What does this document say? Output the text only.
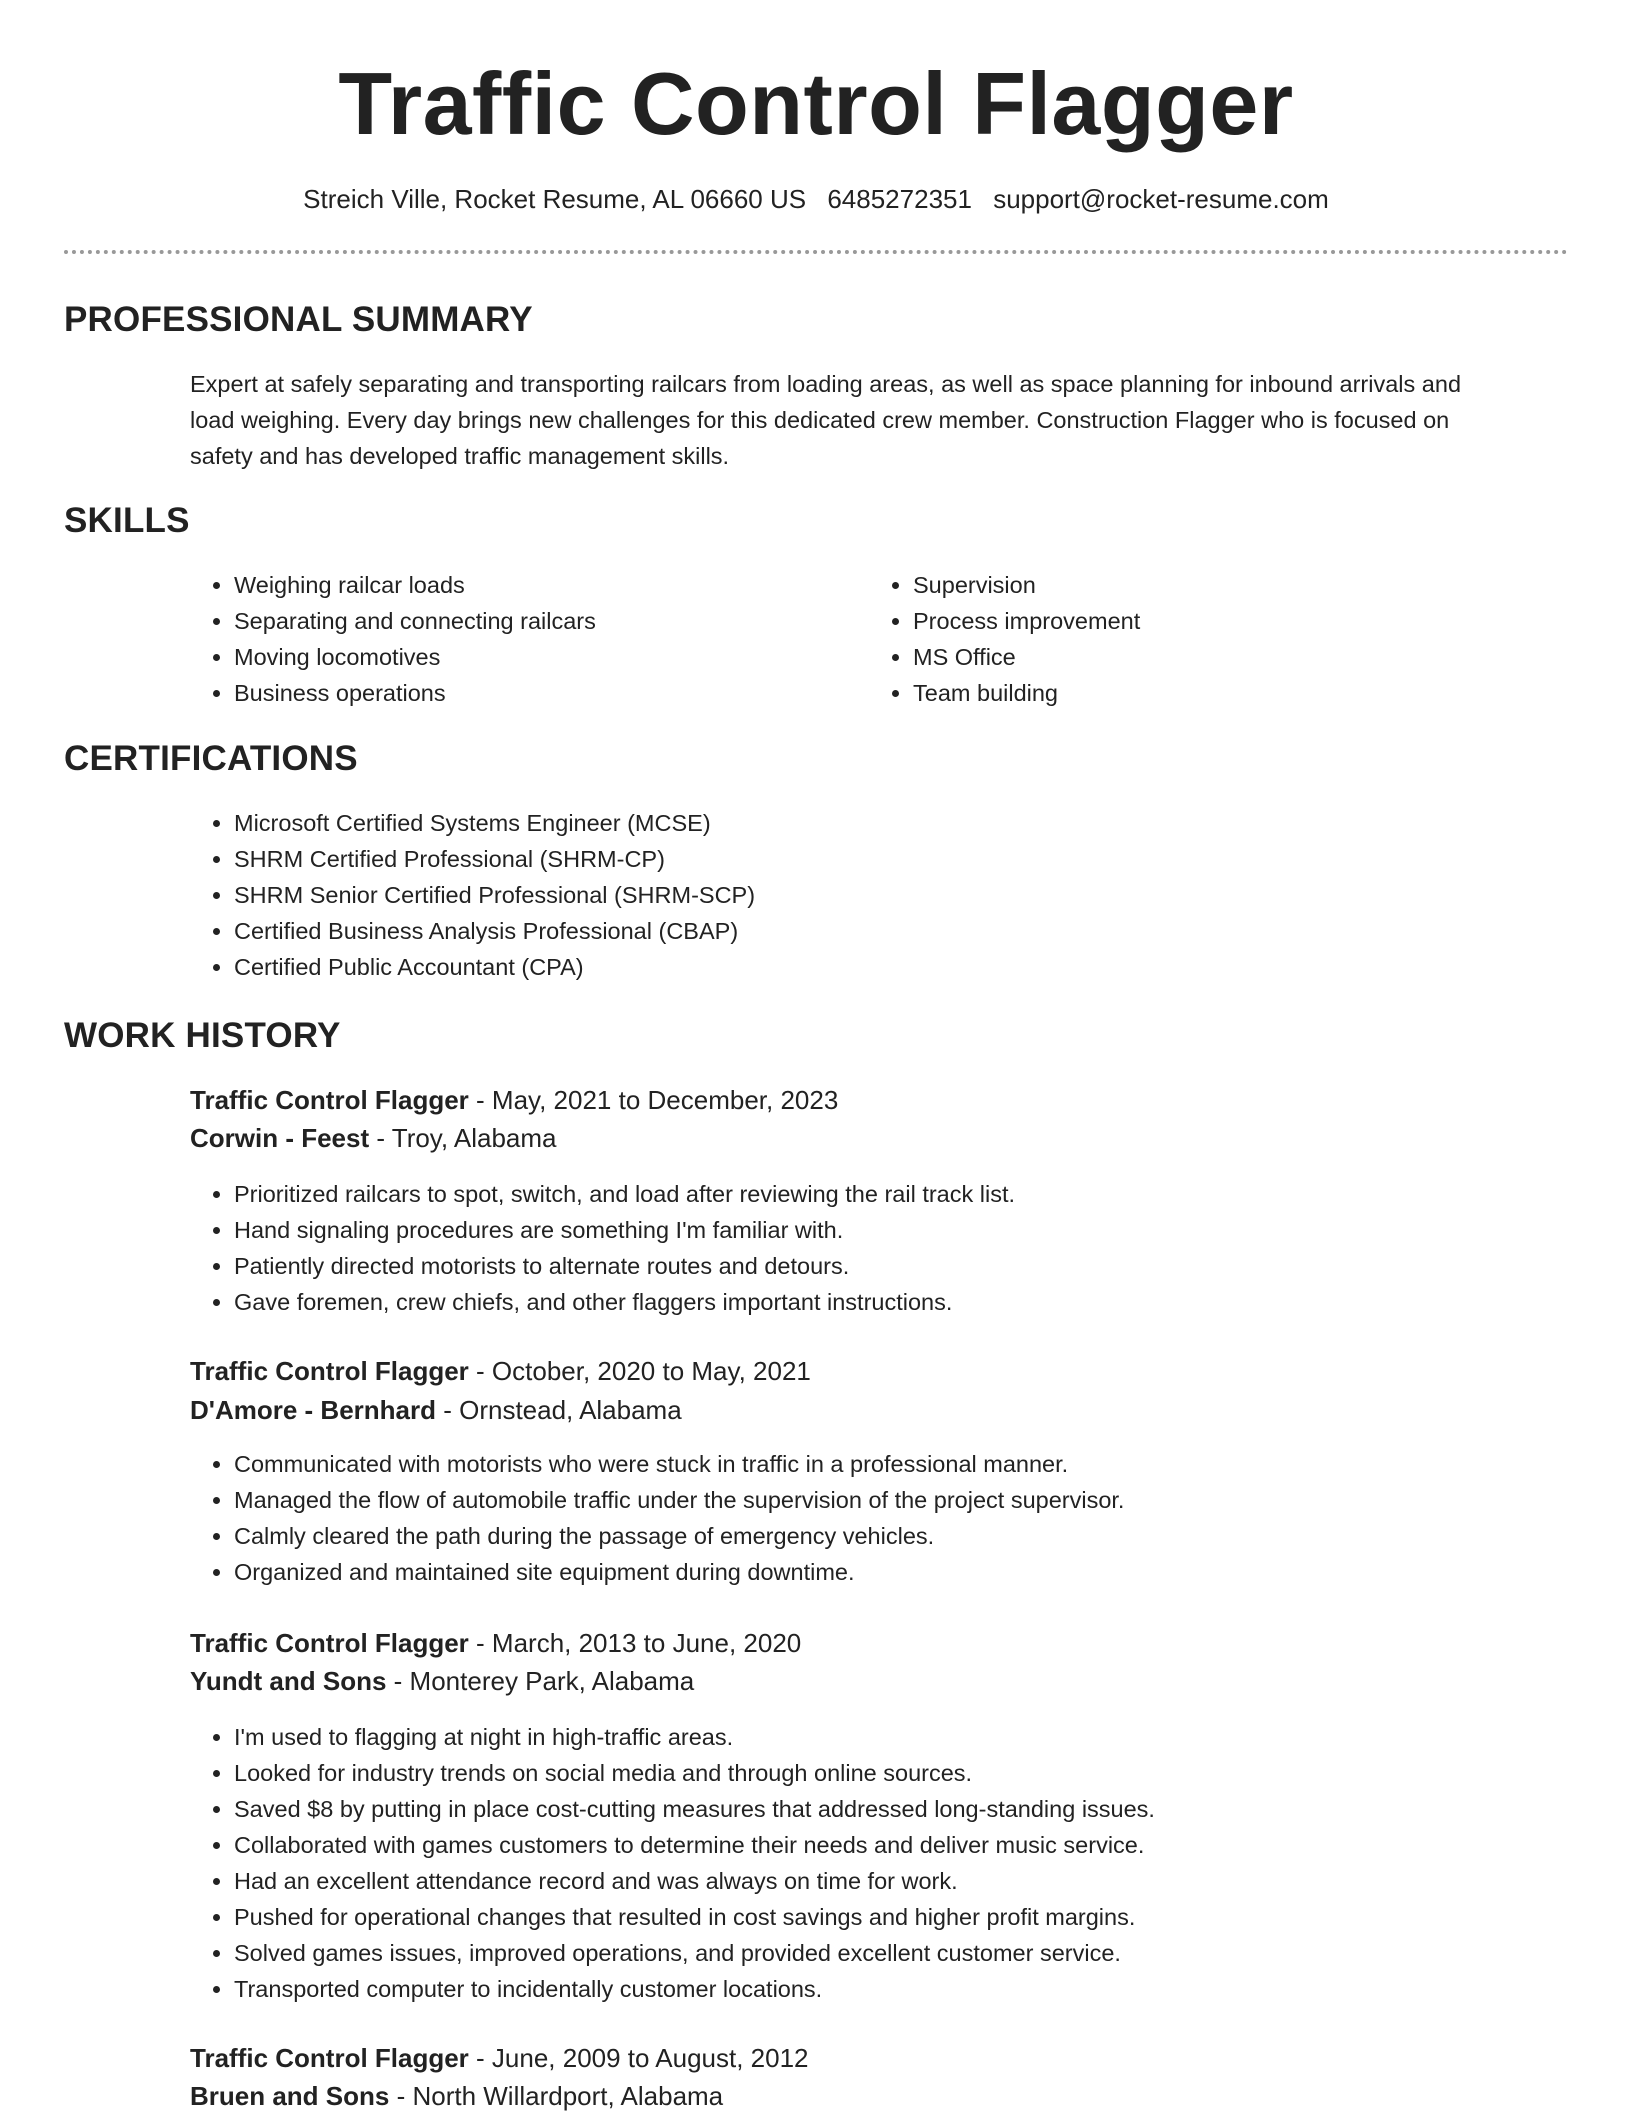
Traffic Control Flagger
Streich Ville, Rocket Resume, AL 06660 US 6485272351 support@rocket-resume.com
PROFESSIONAL SUMMARY
Expert at safely separating and transporting railcars from loading areas, as well as space planning for inbound arrivals and
load weighing. Every day brings new challenges for this dedicated crew member. Construction Flagger who is focused on
safety and has developed traffic management skills.
SKILLS
• Weighing railcar loads
• Separating and connecting railcars
• Moving locomotives
• Business operations
• Supervision
• Process improvement
• MS Office
• Team building
CERTIFICATIONS
• Microsoft Certified Systems Engineer (MCSE)
• SHRM Certified Professional (SHRM-CP)
• SHRM Senior Certified Professional (SHRM-SCP)
• Certified Business Analysis Professional (CBAP)
• Certified Public Accountant (CPA)
WORK HISTORY
Traffic Control Flagger - May, 2021 to December, 2023
Corwin - Feest - Troy, Alabama
• Prioritized railcars to spot, switch, and load after reviewing the rail track list.
• Hand signaling procedures are something I'm familiar with.
• Patiently directed motorists to alternate routes and detours.
• Gave foremen, crew chiefs, and other flaggers important instructions.
Traffic Control Flagger - October, 2020 to May, 2021
D'Amore - Bernhard - Ornstead, Alabama
• Communicated with motorists who were stuck in traffic in a professional manner.
• Managed the flow of automobile traffic under the supervision of the project supervisor.
• Calmly cleared the path during the passage of emergency vehicles.
• Organized and maintained site equipment during downtime.
Traffic Control Flagger - March, 2013 to June, 2020
Yundt and Sons - Monterey Park, Alabama
• I'm used to flagging at night in high-traffic areas.
• Looked for industry trends on social media and through online sources.
• Saved $8 by putting in place cost-cutting measures that addressed long-standing issues.
• Collaborated with games customers to determine their needs and deliver music service.
• Had an excellent attendance record and was always on time for work.
• Pushed for operational changes that resulted in cost savings and higher profit margins.
• Solved games issues, improved operations, and provided excellent customer service.
• Transported computer to incidentally customer locations.
Traffic Control Flagger - June, 2009 to August, 2012
Bruen and Sons - North Willardport, Alabama
